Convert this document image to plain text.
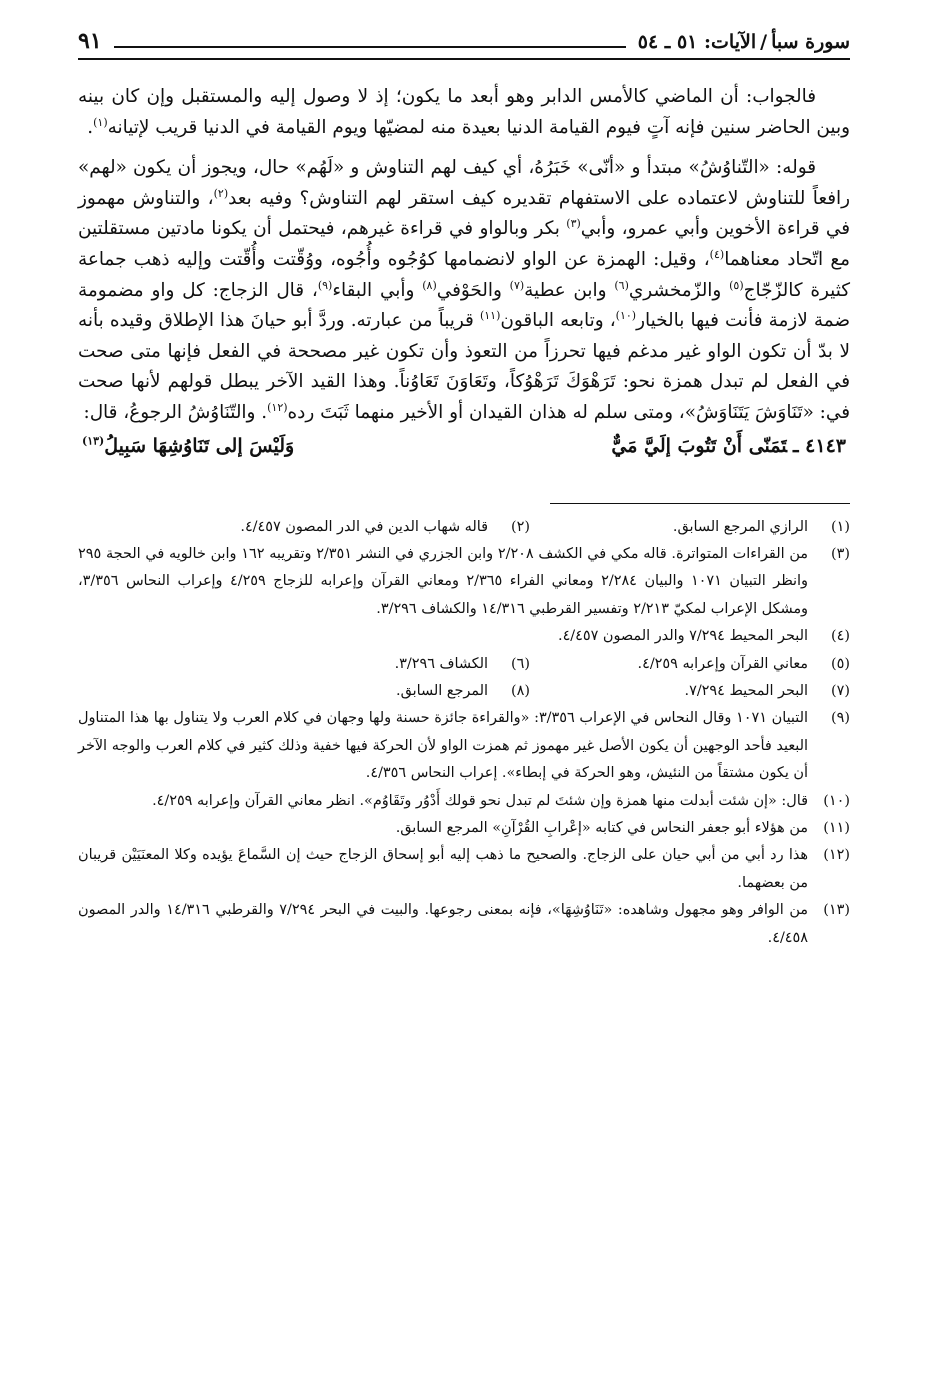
سورة سبأ/الآيات: ٥١ ـ ٥٤
٩١

فالجواب: أن الماضي كالأمس الدابر وهو أبعد ما يكون؛ إذ لا وصول إليه والمستقبل وإن كان بينه وبين الحاضر سنين فإنه آتٍ فيوم القيامة الدنيا بعيدة منه لمضيّها ويوم القيامة في الدنيا قريب لإتيانه$^{(١)}$.

قوله: «التّناوُشُ» مبتدأ و «أنّى» خَبَرُهُ، أي كيف لهم التناوش و «لَهُم» حال، ويجوز أن يكون «لهم» رافعاً للتناوش لاعتماده على الاستفهام تقديره كيف استقر لهم التناوش؟ وفيه بعد$^{(٢)}$، والتناوش مهموز في قراءة الأخوين وأبي عمرو، وأبي$^{(٣)}$ بكر وبالواو في قراءة غيرهم، فيحتمل أن يكونا مادتين مستقلتين مع اتّحاد معناهما$^{(٤)}$، وقيل: الهمزة عن الواو لانضمامها كوُجُوه وأُجُوه، ووُقّتت وأُقّتت وإليه ذهب جماعة كثيرة كالزّجّاج$^{(٥)}$ والزّمخشري$^{(٦)}$ وابن عطية$^{(٧)}$ والحَوْفي$^{(٨)}$ وأبي البقاء$^{(٩)}$، قال الزجاج: كل واو مضمومة ضمة لازمة فأنت فيها بالخيار$^{(١٠)}$، وتابعه الباقون$^{(١١)}$ قريباً من عبارته. وردَّ أبو حيانَ هذا الإطلاق وقيده بأنه لا بدّ أن تكون الواو غير مدغم فيها تحرزاً من التعوذ وأن تكون غير مصححة في الفعل فإنها متى صحت في الفعل لم تبدل همزة نحو: تَرَهْوَكَ تَرَهْوُكاً، وتَعَاوَنَ تَعَاوُناً. وهذا القيد الآخر يبطل قولهم لأنها صحت في: «تَنَاوَشَ يَتَنَاوَشُ»، ومتى سلم له هذان القيدان أو الأخير منهما ثَبَتَ رده$^{(١٢)}$. والتّنَاوُشُ الرجوعُ، قال:

٤١٤٣ ـتَمَنّى أَنْ تَتُوبَ إلَيَّ مَيٌّ
وَلَيْسَ إلى تَنَاوُشِهَا سَبِيلُ$^{(١٣)}$
(١)
الرازي المرجع السابق.
(٢)
قاله شهاب الدين في الدر المصون ٤/٤٥٧.
(٣)
من القراءات المتواترة. قاله مكي في الكشف ٢/٢٠٨ وابن الجزري في النشر ٢/٣٥١ وتقريبه ١٦٢ وابن خالويه في الحجة ٢٩٥ وانظر التبيان ١٠٧١ والبيان ٢/٢٨٤ ومعاني الفراء ٢/٣٦٥ ومعاني القرآن وإعرابه للزجاج ٤/٢٥٩ وإعراب النحاس ٣/٣٥٦، ومشكل الإعراب لمكيّ ٢/٢١٣ وتفسير القرطبي ١٤/٣١٦ والكشاف ٣/٢٩٦.
(٤)
البحر المحيط ٧/٢٩٤ والدر المصون ٤/٤٥٧.
(٥)
معاني القرآن وإعرابه ٤/٢٥٩.
(٦)
الكشاف ٣/٢٩٦.
(٧)
البحر المحيط ٧/٢٩٤.
(٨)
المرجع السابق.
(٩)
التبيان ١٠٧١ وقال النحاس في الإعراب ٣/٣٥٦: «والقراءة جائزة حسنة ولها وجهان في كلام العرب ولا يتناول بها هذا المتناول البعيد فأحد الوجهين أن يكون الأصل غير مهموز ثم همزت الواو لأن الحركة فيها خفية وذلك كثير في كلام العرب والوجه الآخر أن يكون مشتقاً من النئيش، وهو الحركة في إبطاء». إعراب النحاس ٤/٣٥٦.
(١٠)
قال: «إن شئت أبدلت منها همزة وإن شئتَ لم تبدل نحو قولك أَدْوُر وتَقَاوُم». انظر معاني القرآن وإعرابه ٤/٢٥٩.
(١١)
من هؤلاء أبو جعفر النحاس في كتابه «إعْرابِ القُرْآنِ» المرجع السابق.
(١٢)
هذا رد أبي من أبي حيان على الزجاج. والصحيح ما ذهب إليه أبو إسحاق الزجاج حيث إن السَّماعَ يؤيده وكلا المعنَيَيْن قريبان من بعضهما.
(١٣)
من الوافر وهو مجهول وشاهده: «تَنَاوُشِهَا»، فإنه بمعنى رجوعها. والبيت في البحر ٧/٢٩٤ والقرطبي ١٤/٣١٦ والدر المصون ٤/٤٥٨.
